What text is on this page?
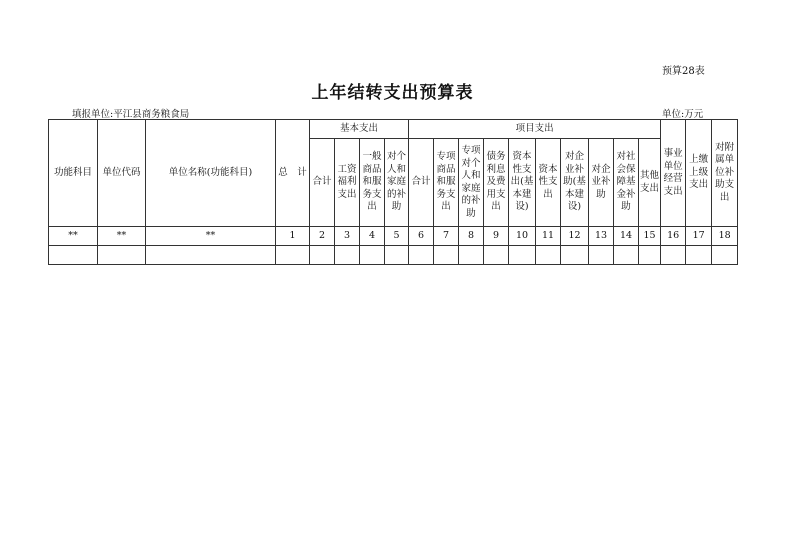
预算28表
上年结转支出预算表
填报单位:平江县商务粮食局	单位:万元
功能科目	单位代码	单位名称(功能科目)	总　计	基本支出				项目支出										事业单位经营支出	上缴上级支出	对附属单位补助支出
				合计	工资福利支出	一般商品和服务支出	对个人和家庭的补助	合计	专项商品和服务支出	专项对个人和家庭的补助	债务利息及费用支出	资本性支出(基本建设)	资本性支出	对企业补助(基本建设)	对企业补助	对社会保障基金补助	其他支出			
**	**	**	1	2	3	4	5	6	7	8	9	10	11	12	13	14	15	16	17	18
